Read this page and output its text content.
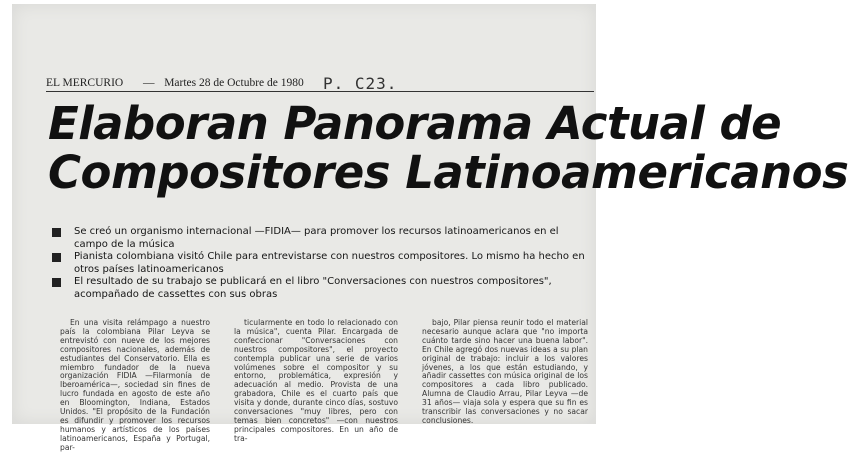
EL MERCURIO — Martes 28 de Octubre de 1980 P. C23.
Elaboran Panorama Actual de
Compositores Latinoamericanos
Se creó un organismo internacional —FIDIA— para promover los recursos latinoamericanos en el campo de la música
Pianista colombiana visitó Chile para entrevistarse con nuestros compositores. Lo mismo ha hecho en otros países latinoamericanos
El resultado de su trabajo se publicará en el libro "Conversaciones con nuestros compositores", acompañado de cassettes con sus obras

En una visita relámpago a nuestro país la colombiana Pilar Leyva se entrevistó con nueve de los mejores compositores nacionales, además de estudiantes del Conservatorio. Ella es miembro fundador de la nueva organización FIDIA —Filarmonía de Iberoamérica—, sociedad sin fines de lucro fundada en agosto de este año en Bloomington, Indiana, Estados Unidos. "El propósito de la Fundación es difundir y promover los recursos humanos y artísticos de los países latinoamericanos, España y Portugal, par-

ticularmente en todo lo relacionado con la música", cuenta Pilar. Encargada de confeccionar "Conversaciones con nuestros compositores", el proyecto contempla publicar una serie de varios volúmenes sobre el compositor y su entorno, problemática, expresión y adecuación al medio. Provista de una grabadora, Chile es el cuarto país que visita y donde, durante cinco días, sostuvo conversaciones "muy libres, pero con temas bien concretos" —con nuestros principales compositores. En un año de tra-

bajo, Pilar piensa reunir todo el material necesario aunque aclara que "no importa cuánto tarde sino hacer una buena labor". En Chile agregó dos nuevas ideas a su plan original de trabajo: incluir a los valores jóvenes, a los que están estudiando, y añadir cassettes con música original de los compositores a cada libro publicado. Alumna de Claudio Arrau, Pilar Leyva —de 31 años— viaja sola y espera que su fin es transcribir las conversaciones y no sacar conclusiones.
